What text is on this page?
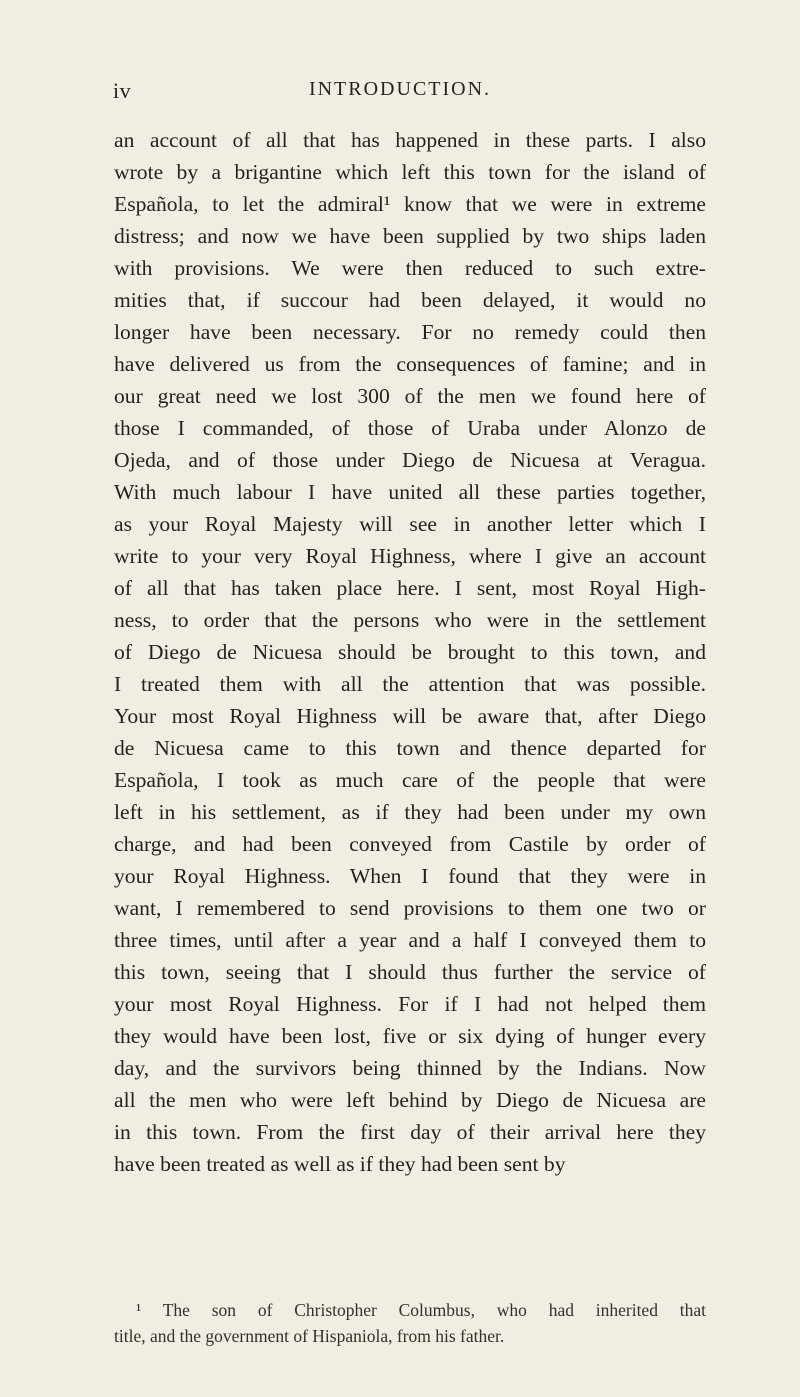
iv	INTRODUCTION.
an account of all that has happened in these parts. I also
wrote by a brigantine which left this town for the island of
Española, to let the admiral¹ know that we were in extreme
distress; and now we have been supplied by two ships laden
with provisions. We were then reduced to such extre-
mities that, if succour had been delayed, it would no
longer have been necessary. For no remedy could then
have delivered us from the consequences of famine; and in
our great need we lost 300 of the men we found here of
those I commanded, of those of Uraba under Alonzo de
Ojeda, and of those under Diego de Nicuesa at Veragua.
With much labour I have united all these parties together,
as your Royal Majesty will see in another letter which I
write to your very Royal Highness, where I give an account
of all that has taken place here. I sent, most Royal High-
ness, to order that the persons who were in the settlement
of Diego de Nicuesa should be brought to this town, and
I treated them with all the attention that was possible.
Your most Royal Highness will be aware that, after Diego
de Nicuesa came to this town and thence departed for
Española, I took as much care of the people that were
left in his settlement, as if they had been under my own
charge, and had been conveyed from Castile by order of
your Royal Highness. When I found that they were in
want, I remembered to send provisions to them one two or
three times, until after a year and a half I conveyed them to
this town, seeing that I should thus further the service of
your most Royal Highness. For if I had not helped them
they would have been lost, five or six dying of hunger every
day, and the survivors being thinned by the Indians. Now
all the men who were left behind by Diego de Nicuesa are
in this town. From the first day of their arrival here they
have been treated as well as if they had been sent by
¹ The son of Christopher Columbus, who had inherited that
title, and the government of Hispaniola, from his father.
